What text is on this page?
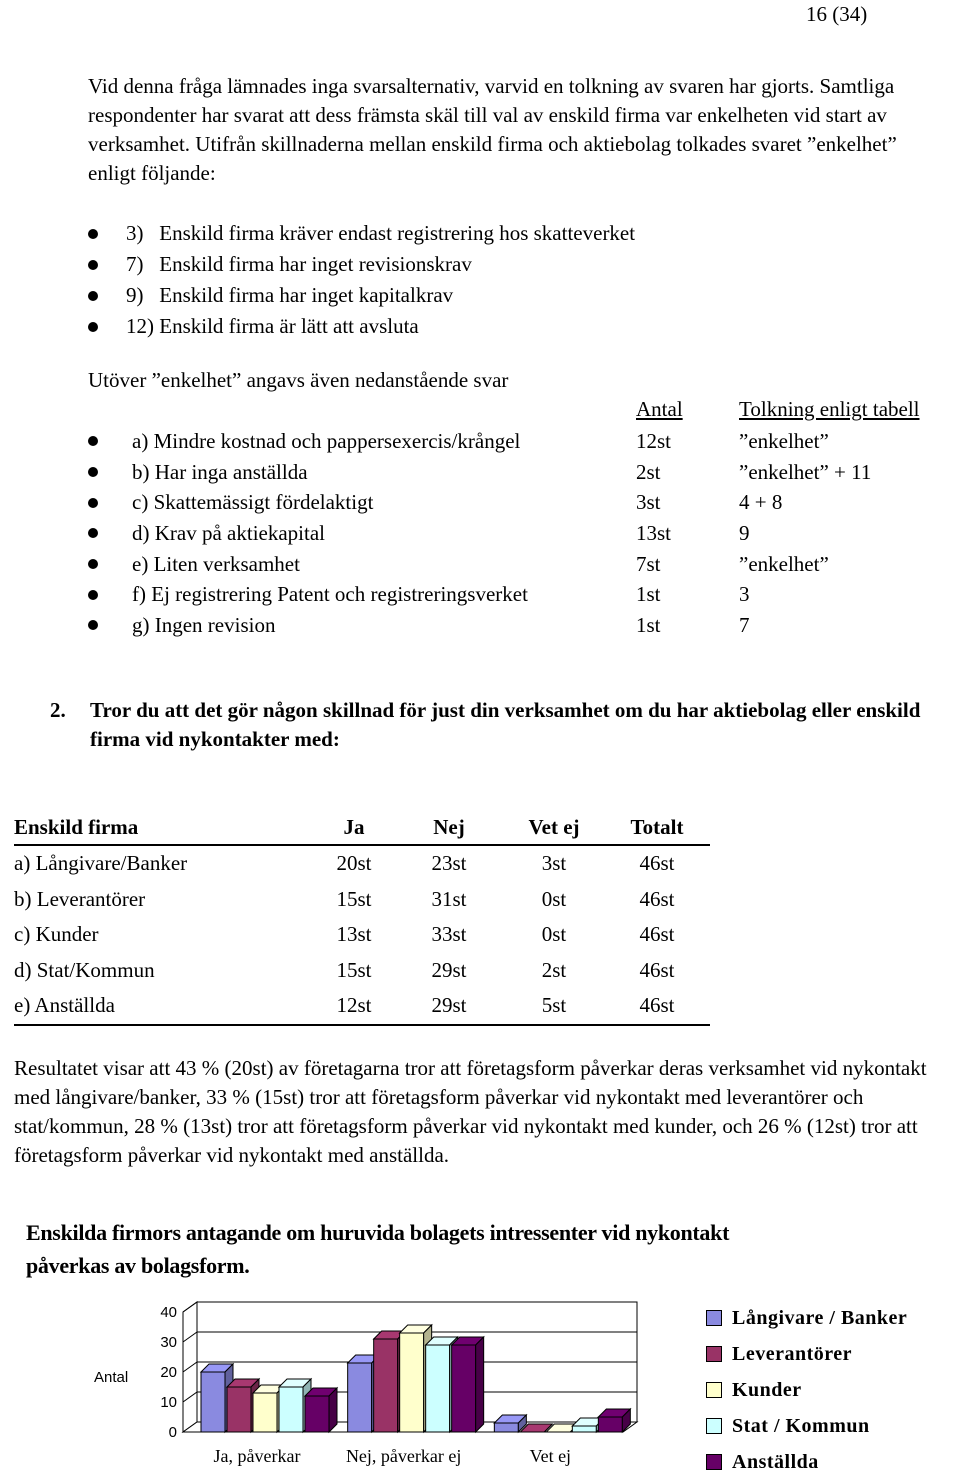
16 (34)

Vid denna fråga lämnades inga svarsalternativ, varvid en tolkning av svaren har gjorts. Samtliga respondenter har svarat att dess främsta skäl till val av enskild firma var enkelheten vid start av verksamhet. Utifrån skillnaderna mellan enskild firma och aktiebolag tolkades svaret ”enkelhet” enligt följande:

3)   Enskild firma kräver endast registrering hos skatteverket
7)   Enskild firma har inget revisionskrav
9)   Enskild firma har inget kapitalkrav
12) Enskild firma är lätt att avsluta
Utöver ”enkelhet” angavs även nedanstående svar
Antal	Tolkning enligt tabell
a) Mindre kostnad och pappersexercis/krångel	12st	”enkelhet”
b) Har inga anställda	2st	”enkelhet” + 11
c) Skattemässigt fördelaktigt	3st	4 + 8
d) Krav på aktiekapital	13st	9
e) Liten verksamhet	7st	”enkelhet”
f) Ej registrering Patent och registreringsverket	1st	3
g) Ingen revision	1st	7
2. Tror du att det gör någon skillnad för just din verksamhet om du har aktiebolag eller enskild firma vid nykontakter med:
Enskild firma	Ja	Nej	Vet ej	Totalt
a) Långivare/Banker	20st	23st	3st	46st
b) Leverantörer	15st	31st	0st	46st
c) Kunder	13st	33st	0st	46st
d) Stat/Kommun	15st	29st	2st	46st
e) Anställda	12st	29st	5st	46st

Resultatet visar att 43 % (20st) av företagarna tror att företagsform påverkar deras verksamhet vid nykontakt med långivare/banker, 33 % (15st) tror att företagsform påverkar vid nykontakt med leverantörer och stat/kommun, 28 % (13st) tror att företagsform påverkar vid nykontakt med kunder, och 26 % (12st) tror att företagsform påverkar vid nykontakt med anställda.

Enskilda firmors antagande om huruvida bolagets intressenter vid nykontakt påverkas av bolagsform.
0
10
20
30
40
Antal
Ja, påverkar	Nej, påverkar ej	Vet ej
Långivare / Banker
Leverantörer
Kunder
Stat / Kommun
Anställda
